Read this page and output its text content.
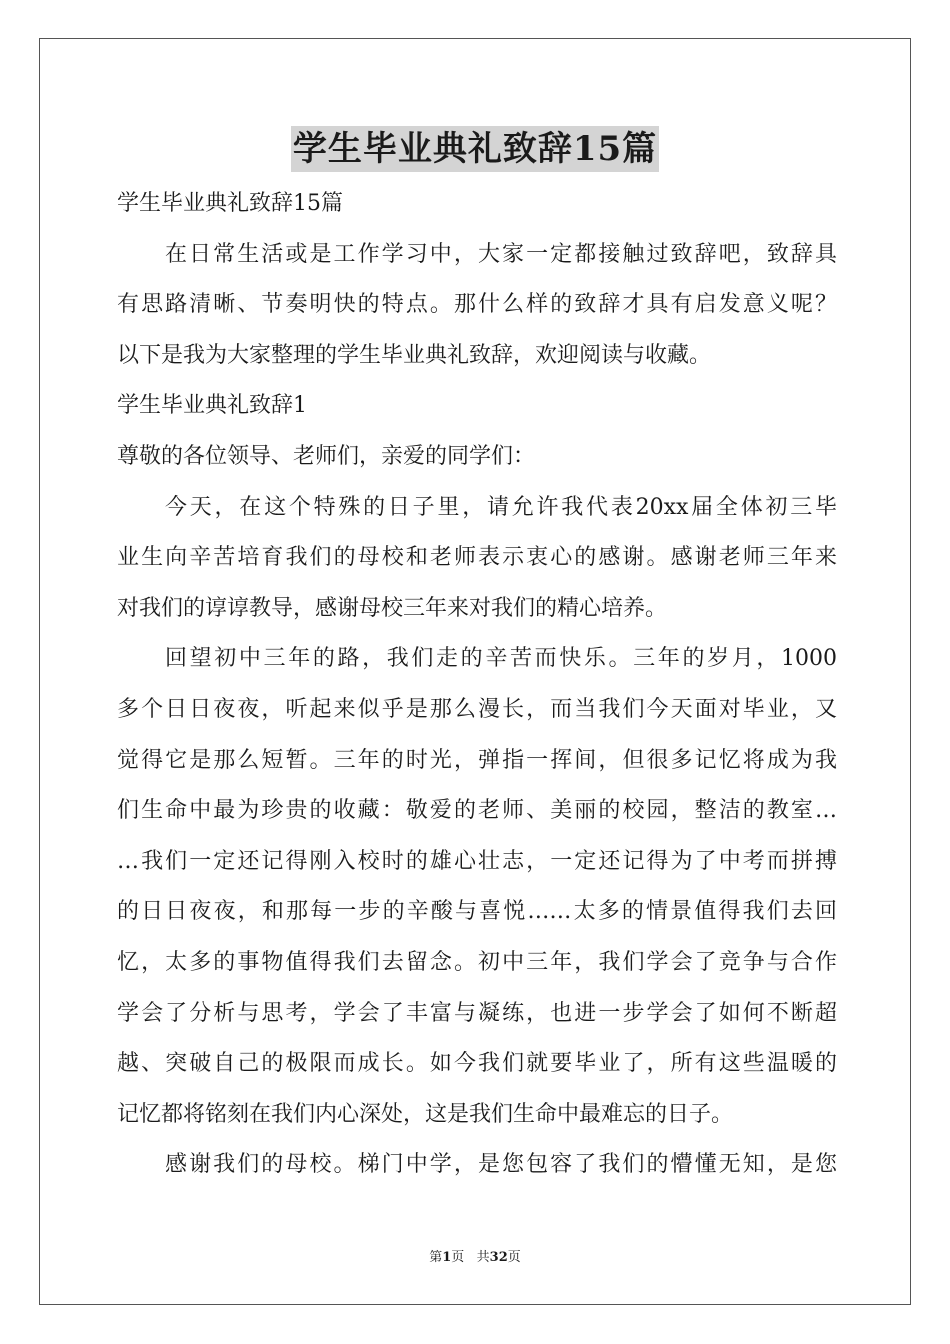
学生毕业典礼致辞15篇
学生毕业典礼致辞15篇
在日常生活或是工作学习中，大家一定都接触过致辞吧，致辞具
有思路清晰、节奏明快的特点。那什么样的致辞才具有启发意义呢？
以下是我为大家整理的学生毕业典礼致辞，欢迎阅读与收藏。
学生毕业典礼致辞1
尊敬的各位领导、老师们，亲爱的同学们：
今天，在这个特殊的日子里，请允许我代表20xx届全体初三毕
业生向辛苦培育我们的母校和老师表示衷心的感谢。感谢老师三年来
对我们的谆谆教导，感谢母校三年来对我们的精心培养。
回望初中三年的路，我们走的辛苦而快乐。三年的岁月，1000
多个日日夜夜，听起来似乎是那么漫长，而当我们今天面对毕业，又
觉得它是那么短暂。三年的时光，弹指一挥间，但很多记忆将成为我
们生命中最为珍贵的收藏：敬爱的老师、美丽的校园，整洁的教室…
…我们一定还记得刚入校时的雄心壮志，一定还记得为了中考而拼搏
的日日夜夜，和那每一步的辛酸与喜悦……太多的情景值得我们去回
忆，太多的事物值得我们去留念。初中三年，我们学会了竞争与合作
学会了分析与思考，学会了丰富与凝练，也进一步学会了如何不断超
越、突破自己的极限而成长。如今我们就要毕业了，所有这些温暖的
记忆都将铭刻在我们内心深处，这是我们生命中最难忘的日子。
感谢我们的母校。梯门中学，是您包容了我们的懵懂无知，是您
第1页   共32页
